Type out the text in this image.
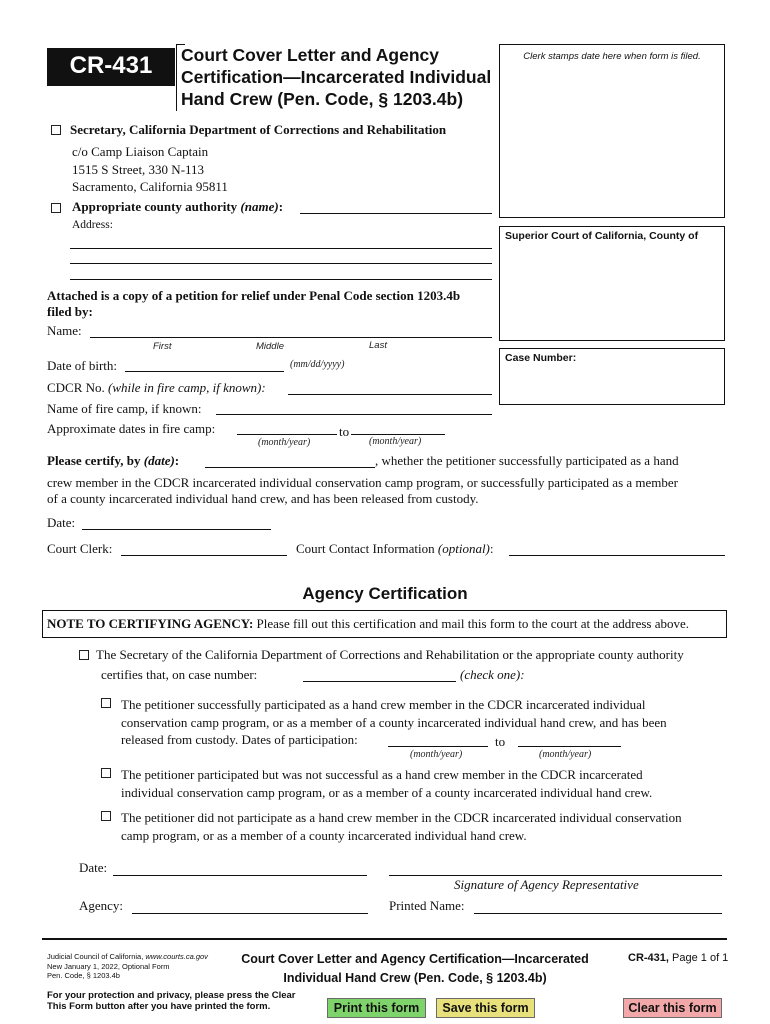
CR-431	Court Cover Letter and Agency
Certification—Incarcerated Individual
Hand Crew (Pen. Code, § 1203.4b)
Clerk stamps date here when form is filed.
Superior Court of California, County of
Case Number:
Secretary, California Department of Corrections and Rehabilitation
c/o Camp Liaison Captain
1515 S Street, 330 N-113
Sacramento, California 95811
Appropriate county authority (name):
Address:
Attached is a copy of a petition for relief under Penal Code section 1203.4b
filed by:
Name:
First	Middle	Last
Date of birth:	(mm/dd/yyyy)
CDCR No. (while in fire camp, if known):
Name of fire camp, if known:
Approximate dates in fire camp:	to
(month/year)	(month/year)
Please certify, by (date):	, whether the petitioner successfully participated as a hand
crew member in the CDCR incarcerated individual conservation camp program, or successfully participated as a member
of a county incarcerated individual hand crew, and has been released from custody.
Date:
Court Clerk:	Court Contact Information (optional):
Agency Certification
NOTE TO CERTIFYING AGENCY: Please fill out this certification and mail this form to the court at the address above.
The Secretary of the California Department of Corrections and Rehabilitation or the appropriate county authority
certifies that, on case number:	(check one):
The petitioner successfully participated as a hand crew member in the CDCR incarcerated individual
conservation camp program, or as a member of a county incarcerated individual hand crew, and has been
released from custody. Dates of participation:	to
(month/year)	(month/year)
The petitioner participated but was not successful as a hand crew member in the CDCR incarcerated
individual conservation camp program, or as a member of a county incarcerated individual hand crew.
The petitioner did not participate as a hand crew member in the CDCR incarcerated individual conservation
camp program, or as a member of a county incarcerated individual hand crew.
Date:
Signature of Agency Representative
Agency:	Printed Name:
Judicial Council of California, www.courts.ca.gov
New January 1, 2022, Optional Form
Pen. Code, § 1203.4b
Court Cover Letter and Agency Certification—Incarcerated
Individual Hand Crew (Pen. Code, § 1203.4b)
CR-431, Page 1 of 1
For your protection and privacy, please press the Clear
This Form button after you have printed the form.	Print this form	Save this form	Clear this form
